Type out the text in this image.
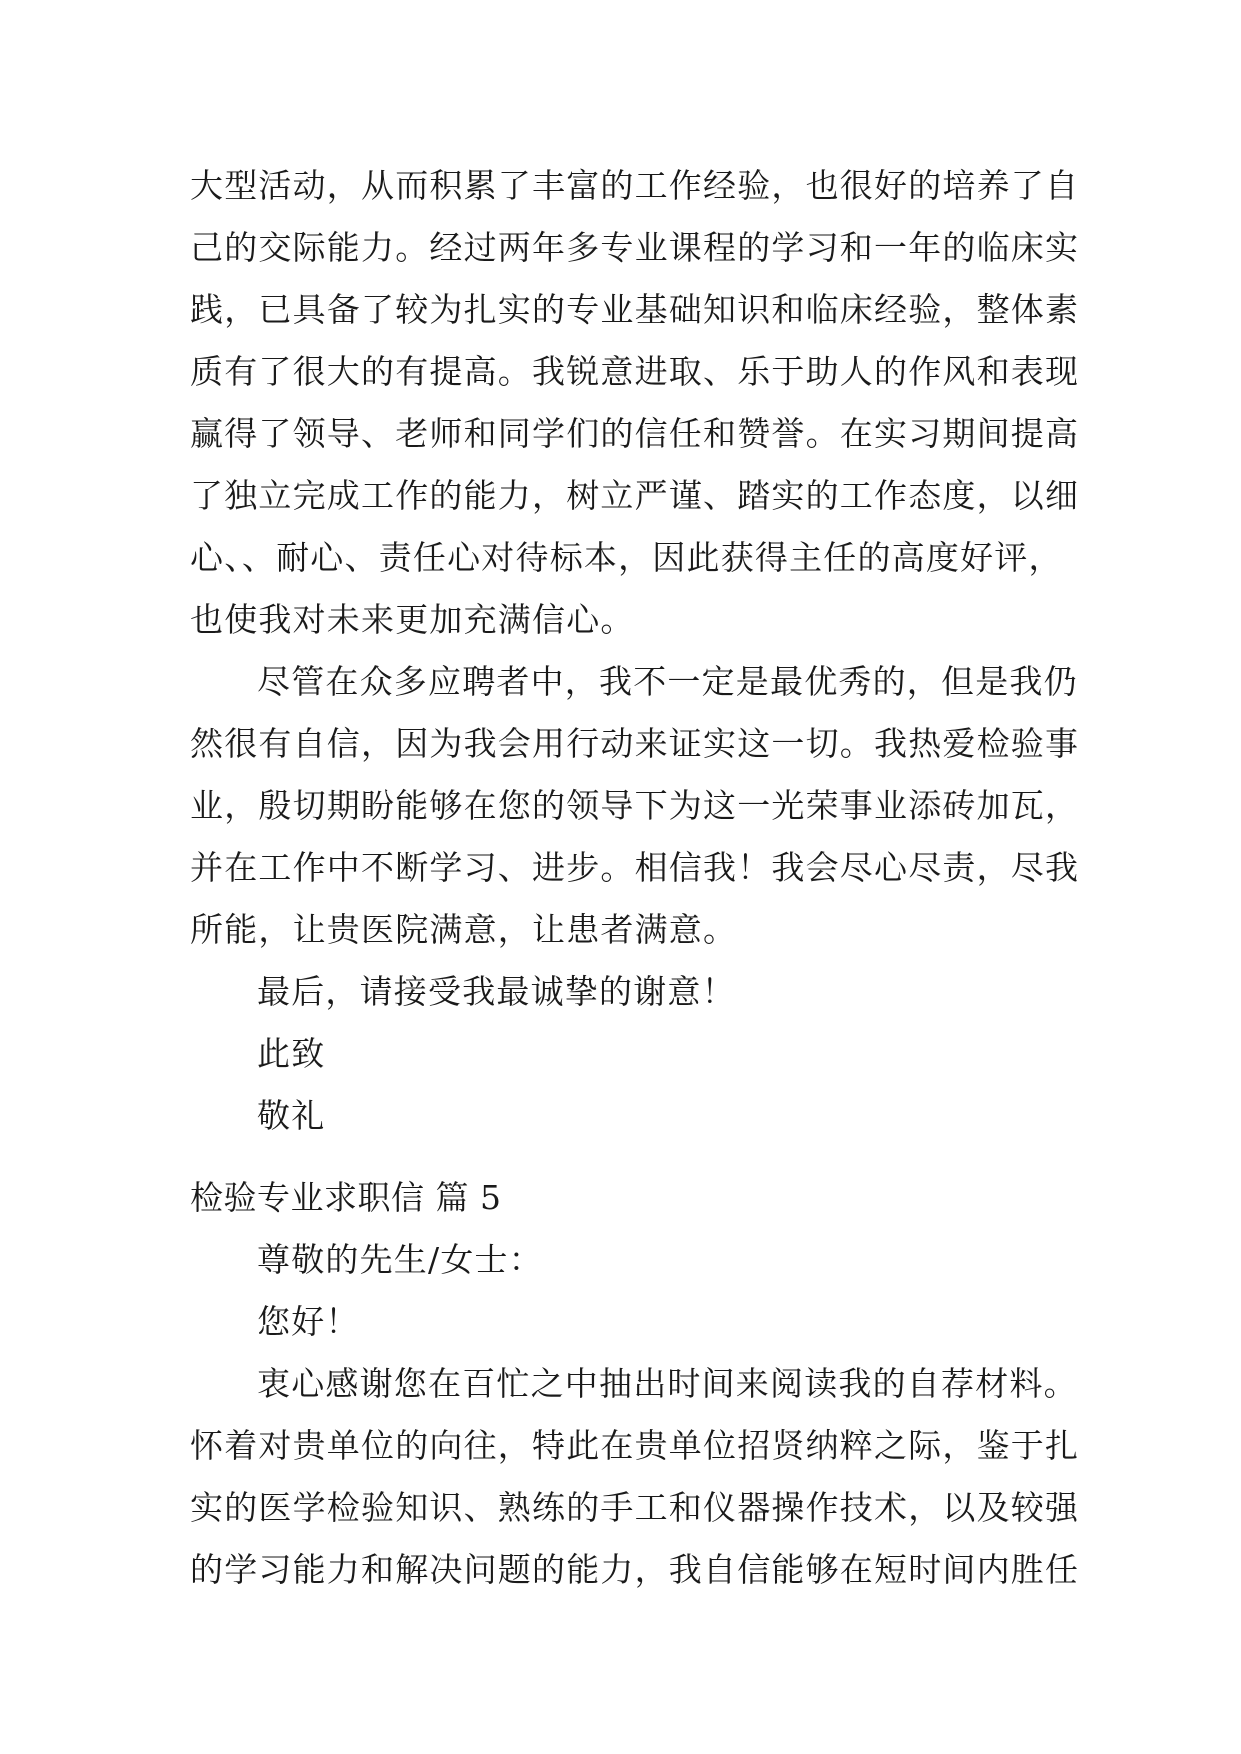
大型活动，从而积累了丰富的工作经验，也很好的培养了自
己的交际能力。经过两年多专业课程的学习和一年的临床实
践，已具备了较为扎实的专业基础知识和临床经验，整体素
质有了很大的有提高。我锐意进取、乐于助人的作风和表现
赢得了领导、老师和同学们的信任和赞誉。在实习期间提高
了独立完成工作的能力，树立严谨、踏实的工作态度，以细
心、、耐心、责任心对待标本，因此获得主任的高度好评，
也使我对未来更加充满信心。
尽管在众多应聘者中，我不一定是最优秀的，但是我仍
然很有自信，因为我会用行动来证实这一切。我热爱检验事
业，殷切期盼能够在您的领导下为这一光荣事业添砖加瓦，
并在工作中不断学习、进步。相信我！我会尽心尽责，尽我
所能，让贵医院满意，让患者满意。
最后，请接受我最诚挚的谢意！
此致
敬礼
检验专业求职信 篇 5
尊敬的先生/女士：
您好！
衷心感谢您在百忙之中抽出时间来阅读我的自荐材料。
怀着对贵单位的向往，特此在贵单位招贤纳粹之际，鉴于扎
实的医学检验知识、熟练的手工和仪器操作技术，以及较强
的学习能力和解决问题的能力，我自信能够在短时间内胜任
